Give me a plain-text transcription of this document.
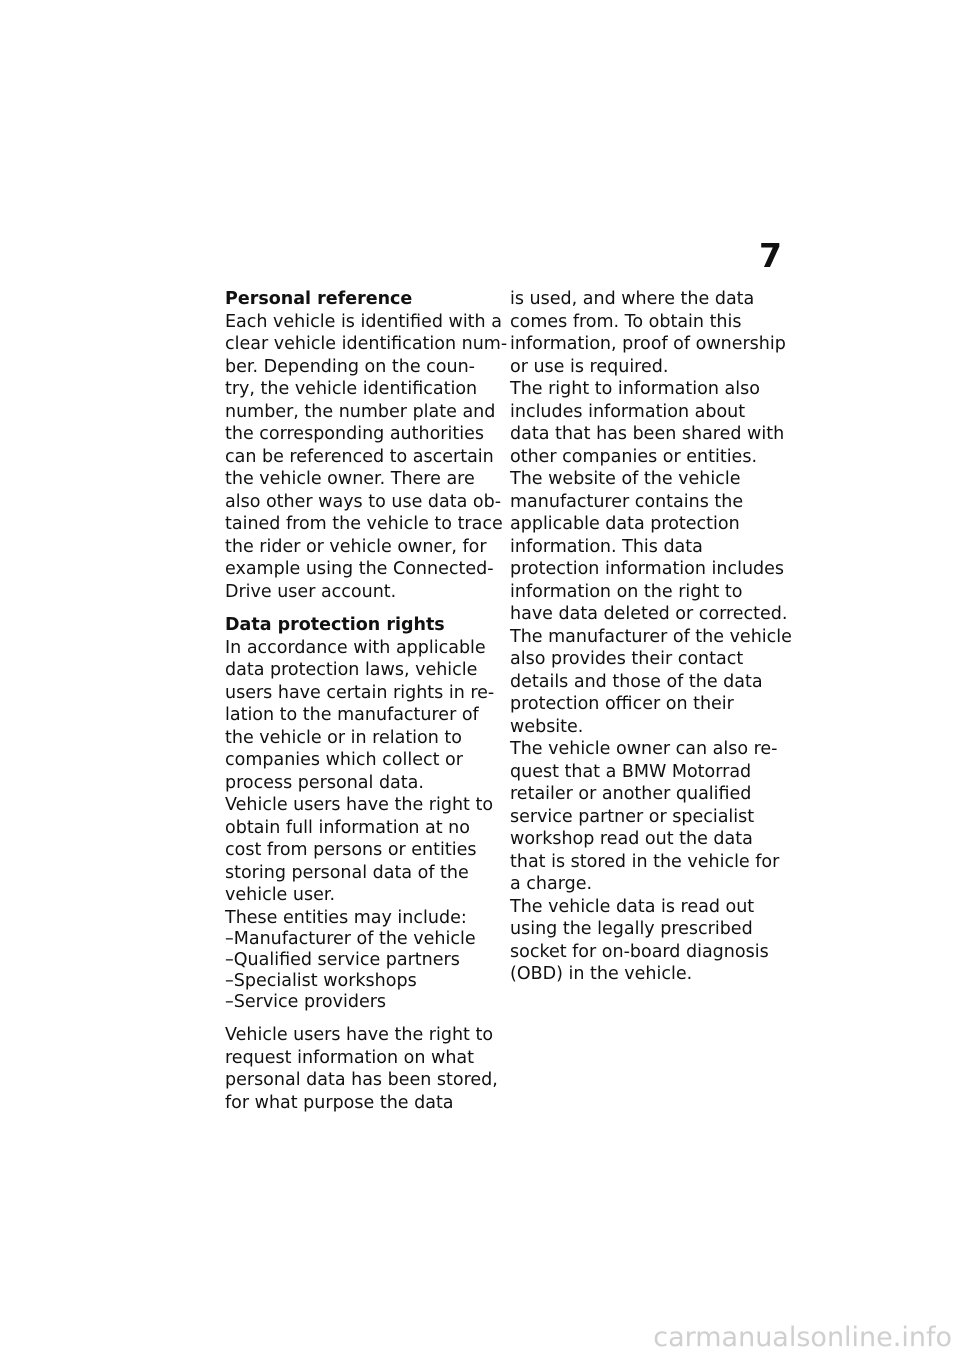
7
Personal reference
Each vehicle is identified with a
clear vehicle identification num-
ber. Depending on the coun-
try, the vehicle identification
number, the number plate and
the corresponding authorities
can be referenced to ascertain
the vehicle owner. There are
also other ways to use data ob-
tained from the vehicle to trace
the rider or vehicle owner, for
example using the Connected-
Drive user account.
Data protection rights
In accordance with applicable
data protection laws, vehicle
users have certain rights in re-
lation to the manufacturer of
the vehicle or in relation to
companies which collect or
process personal data.
Vehicle users have the right to
obtain full information at no
cost from persons or entities
storing personal data of the
vehicle user.
These entities may include:
–Manufacturer of the vehicle
–Qualified service partners
–Specialist workshops
–Service providers
Vehicle users have the right to
request information on what
personal data has been stored,
for what purpose the data
is used, and where the data
comes from. To obtain this
information, proof of ownership
or use is required.
The right to information also
includes information about
data that has been shared with
other companies or entities.
The website of the vehicle
manufacturer contains the
applicable data protection
information. This data
protection information includes
information on the right to
have data deleted or corrected.
The manufacturer of the vehicle
also provides their contact
details and those of the data
protection officer on their
website.
The vehicle owner can also re-
quest that a BMW Motorrad
retailer or another qualified
service partner or specialist
workshop read out the data
that is stored in the vehicle for
a charge.
The vehicle data is read out
using the legally prescribed
socket for on-board diagnosis
(OBD) in the vehicle.
carmanualsonline.info
